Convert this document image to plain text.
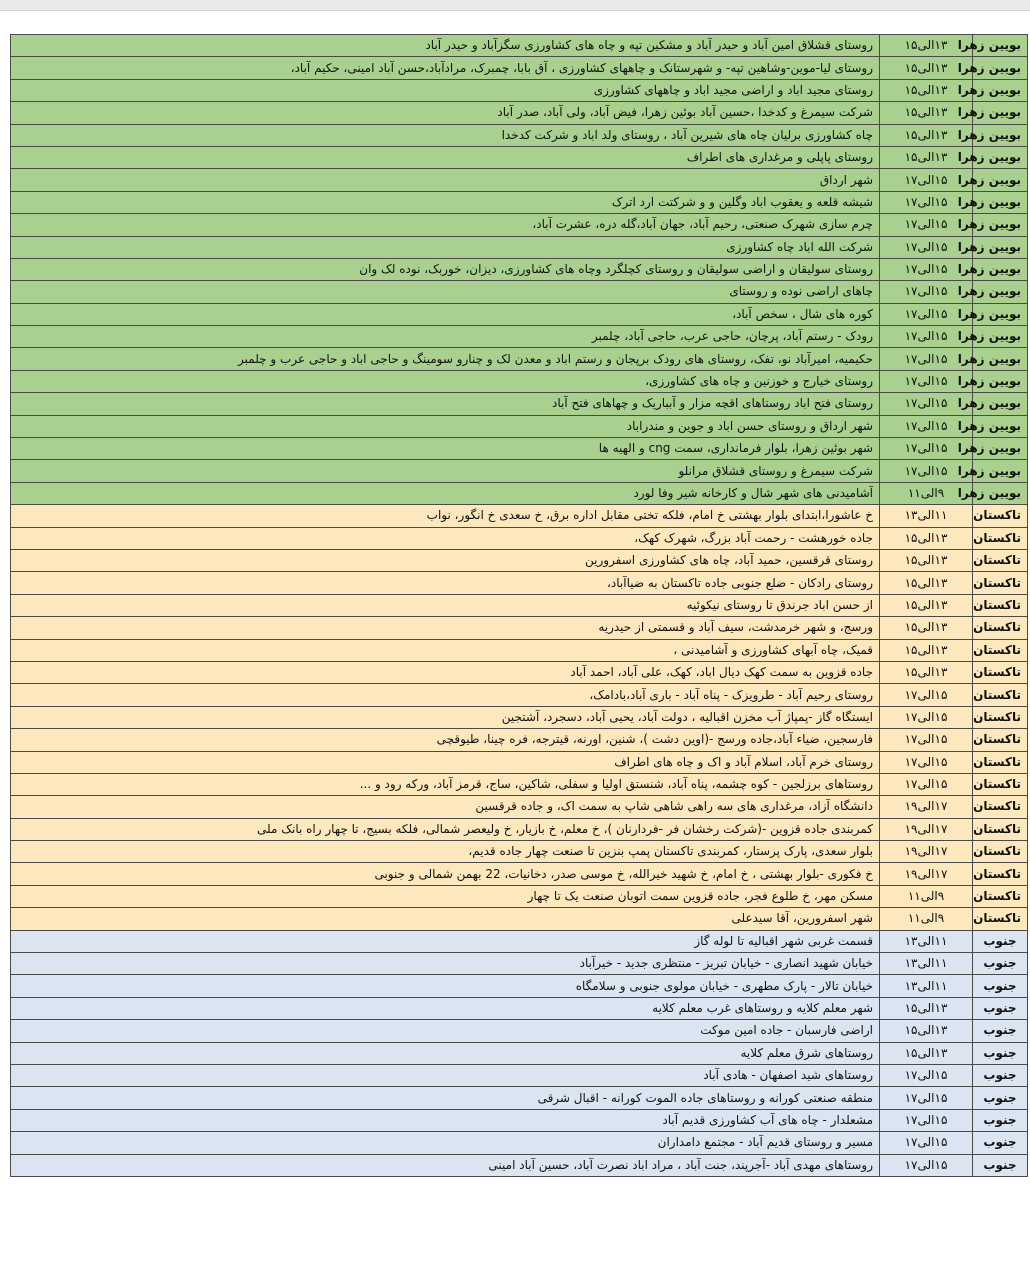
بویین زهرا	۱۳الی۱۵	روستای قشلاق امین آباد و حیدر آباد و مشکین تپه و چاه های کشاورزی سگزآباد و حیدر آباد
بویین زهرا	۱۳الی۱۵	روستای لیا-موین-وشاهین تپه- و شهرستانک و چاههای کشاورزی ، آق بابا، چمبرک، مرادآباد،حسن آباد امینی، حکیم آباد،
بویین زهرا	۱۳الی۱۵	روستای مجید اباد و اراضی مجید اباد و چاههای کشاورزی
بویین زهرا	۱۳الی۱۵	شرکت سیمرغ و کدخدا ،حسین آباد بوئین زهرا، فیض آباد، ولی آباد، صدر آباد
بویین زهرا	۱۳الی۱۵	چاه کشاورزی برلیان چاه های شیرین آباد ، روستای ولد اباد و شرکت کدخدا
بویین زهرا	۱۳الی۱۵	روستای پاپلی و مرغداری های اطراف
بویین زهرا	۱۵الی۱۷	شهر ارداق
بویین زهرا	۱۵الی۱۷	شیشه قلعه و یعقوب اباد وگلین و و شرکتت ارد اترک
بویین زهرا	۱۵الی۱۷	چرم سازی شهرک صنعتی، رحیم آباد، جهان آباد،گله دره، عشرت آباد،
بویین زهرا	۱۵الی۱۷	شرکت الله اباد چاه کشاورزی
بویین زهرا	۱۵الی۱۷	روستای سولیقان و اراضی سولیقان و روستای کچلگرد وچاه های کشاورزی، دیزان، خوربک، نوده لک وان
بویین زهرا	۱۵الی۱۷	چاهای اراضی نوده و روستای
بویین زهرا	۱۵الی۱۷	کوره های شال ، سخص آباد،
بویین زهرا	۱۵الی۱۷	رودک - رستم آباد، پرچان، حاجی عرب، حاجی آباد، چلمبر
بویین زهرا	۱۵الی۱۷	حکیمیه، امیرآباد نو، تفک، روستای های رودک برپجان و رستم اباد و معدن لک و چنارو سومینگ و حاجی اباد و حاجی عرب و چلمبر
بویین زهرا	۱۵الی۱۷	روستای خیارج و خوزنین و چاه های کشاورزی،
بویین زهرا	۱۵الی۱۷	روستای فتح اباد روستاهای اقچه مزار و آبباریک و چهاهای فتح آباد
بویین زهرا	۱۵الی۱۷	شهر ارداق و روستای حسن اباد و جوین و مندراباد
بویین زهرا	۱۵الی۱۷	شهر بوئین زهرا، بلوار فرمانداری، سمت cng و الهیه ها
بویین زهرا	۱۵الی۱۷	شرکت سیمرغ و روستای قشلاق مرانلو
بویین زهرا	۹الی۱۱	آشامیدنی های شهر شال و کارخانه شیر وفا لورد
تاکستان	۱۱الی۱۳	خ عاشورا،ابتدای بلوار بهشتی خ امام، فلکه تختی مقابل اداره برق، خ سعدی خ انگور، نواب
تاکستان	۱۳الی۱۵	جاده خورهشت - رحمت آباد بزرگ، شهرک کهک،
تاکستان	۱۳الی۱۵	روستای قرقسین، حمید آباد، چاه های کشاورزی اسفرورین
تاکستان	۱۳الی۱۵	روستای رادکان - ضلع جنوبی جاده تاکستان به ضیاآباد،
تاکستان	۱۳الی۱۵	از حسن اباد جرندق تا روستای نیکوئیه
تاکستان	۱۳الی۱۵	ورسج، و شهر خرمدشت، سیف آباد و قسمتی از حیدریه
تاکستان	۱۳الی۱۵	قمیک، چاه آبهای کشاورزی و آشامیدنی ،
تاکستان	۱۳الی۱۵	جاده قزوین به سمت کهک دیال اباد، کهک، علی آباد، احمد آباد
تاکستان	۱۵الی۱۷	روستای رحیم آباد - طرویزک - پناه آباد - باری آباد،بادامک،
تاکستان	۱۵الی۱۷	ایستگاه گاز -پمپاژ آب مخزن اقبالیه ، دولت آباد، یحیی آباد، دسجرد، آشتجین
تاکستان	۱۵الی۱۷	فارسجین، ضیاء آباد،جاده ورسج -(اوین دشت )، شنین، اورنه، قیترجه، فره چینا، طیوقچی
تاکستان	۱۵الی۱۷	روستای خرم آباد، اسلام آباد و اک و چاه های اطراف
تاکستان	۱۵الی۱۷	روستاهای برزلجین - کوه چشمه، پناه آباد، شنستق اولیا و سفلی، شاکین، ساج، قرمز آباد، ورکه رود و ...
تاکستان	۱۷الی۱۹	دانشگاه آزاد، مرغداری های سه راهی شاهی شاپ به سمت اک، و جاده قرقسین
تاکستان	۱۷الی۱۹	کمربندی جاده قزوین -(شرکت رخشان فر -فردارنان )، خ معلم، خ بازیار، خ ولیعصر شمالی، فلکه بسیج، تا چهار راه بانک ملی
تاکستان	۱۷الی۱۹	بلوار سعدی، پارک پرستار، کمربندی تاکستان پمپ بنزین تا صنعت چهار جاده قدیم،
تاکستان	۱۷الی۱۹	خ فکوری -بلوار بهشتی ، خ امام، خ شهید خیرالله، خ موسی صدر، دخانیات، 22 بهمن شمالی و جنوبی
تاکستان	۹الی۱۱	مسکن مهر، خ طلوع فجر، جاده قزوین سمت اتوبان صنعت یک تا چهار
تاکستان	۹الی۱۱	شهر اسفرورین، آقا سیدعلی
جنوب	۱۱الی۱۳	قسمت غربی شهر اقبالیه تا لوله گاز
جنوب	۱۱الی۱۳	خیابان شهید انصاری - خیابان تبریز - منتظری جدید - خیرآباد
جنوب	۱۱الی۱۳	خیابان تالار - پارک مطهری - خیابان مولوی جنوبی و سلامگاه
جنوب	۱۳الی۱۵	شهر معلم کلایه و روستاهای غرب معلم کلایه
جنوب	۱۳الی۱۵	اراضی فارسبان - جاده امین موکت
جنوب	۱۳الی۱۵	روستاهای شرق معلم کلایه
جنوب	۱۵الی۱۷	روستاهای شید اصفهان - هادی آباد
جنوب	۱۵الی۱۷	منطقه صنعتی کورانه و روستاهای جاده الموت کورانه - اقبال شرقی
جنوب	۱۵الی۱۷	مشعلدار - چاه های آب کشاورزی قدیم آباد
جنوب	۱۵الی۱۷	مسیر و روستای قدیم آباد - مجتمع دامداران
جنوب	۱۵الی۱۷	روستاهای مهدی آباد -آجرپند، جنت آباد ، مراد اباد نصرت آباد، حسین آباد امینی
